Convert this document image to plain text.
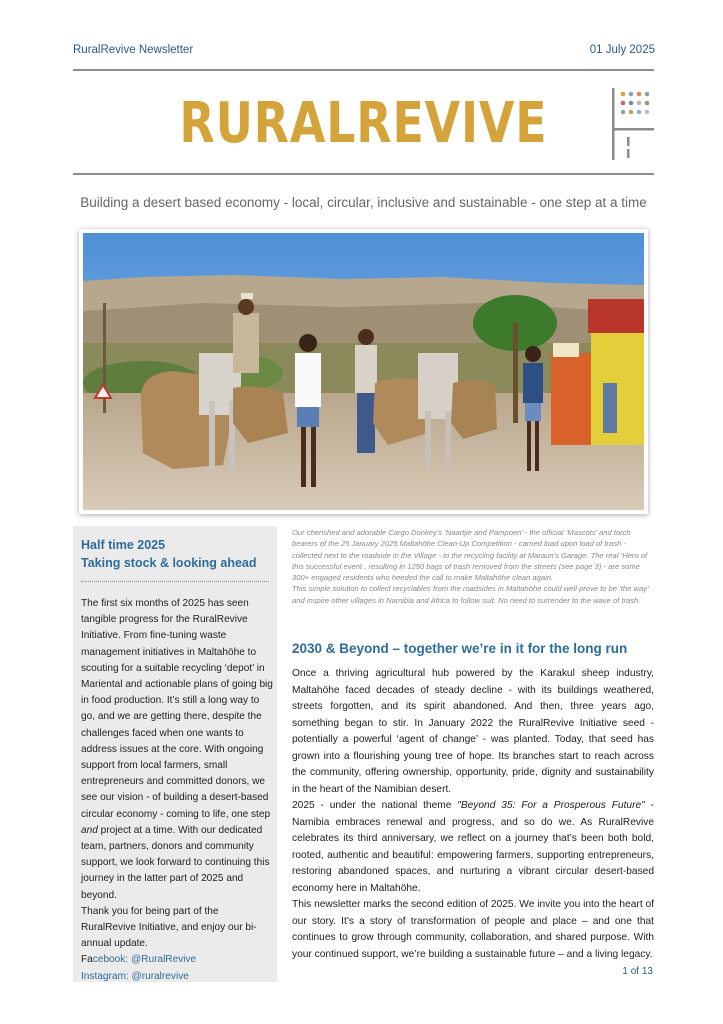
RuralRevive Newsletter	01 July 2025
RURALREVIVE
Building a desert based economy - local, circular, inclusive and sustainable - one step at a time
Half time 2025
Taking stock & looking ahead

The first six months of 2025 has seen tangible progress for the RuralRevive Initiative. From fine-tuning waste management initiatives in Maltahöhe to scouting for a suitable recycling ‘depot’ in Mariental and actionable plans of going big in food production. It’s still a long way to go, and we are getting there, despite the challenges faced when one wants to address issues at the core. With ongoing support from local farmers, small entrepreneurs and committed donors, we see our vision - of building a desert-based circular economy - coming to life, one step and project at a time. With our dedicated team, partners, donors and community support, we look forward to continuing this journey in the latter part of 2025 and beyond.

Thank you for being part of the RuralRevive Initiative, and enjoy our bi-annual update.

Facebook: @RuralRevive

Instagram: @ruralrevive

Our cherished and adorable Cargo Donkey's ‘Naartjie and Pampoen’ - the official ‘Mascots’ and torch bearers of the 25 January 2025 Maltahöhe Clean-Up Competition - carried load upon load of trash - collected next to the roadside in the Village - to the recycling facility at Maraun’s Garage. The real ‘Hero of this successful event , resulting in 1250 bags of trash removed from the streets (see page 3) - are some 300+ engaged residents who heeded the call to make Maltahöhe clean again.

This simple solution to collect recyclables from the roadsides in Maltahöhe could well prove to be ‘the way’ and inspire other villages in Namibia and Africa to follow suit. No need to surrender to the wave of trash.

2030 & Beyond – together we’re in it for the long run

Once a thriving agricultural hub powered by the Karakul sheep industry, Maltahöhe faced decades of steady decline - with its buildings weathered, streets forgotten, and its spirit abandoned. And then, three years ago, something began to stir. In January 2022 the RuralRevive Initiative seed - potentially a powerful ‘agent of change’ - was planted. Today, that seed has grown into a flourishing young tree of hope. Its branches start to reach across the community, offering ownership, opportunity, pride, dignity and sustainability in the heart of the Namibian desert.

2025 - under the national theme "Beyond 35: For a Prosperous Future" - Namibia embraces renewal and progress, and so do we. As RuralRevive celebrates its third anniversary, we reflect on a journey that’s been both bold, rooted, authentic and beautiful: empowering farmers, supporting entrepreneurs, restoring abandoned spaces, and nurturing a vibrant circular desert-based economy here in Maltahöhe.

This newsletter marks the second edition of 2025. We invite you into the heart of our story. It’s a story of transformation of people and place – and one that continues to grow through community, collaboration, and shared purpose. With your continued support, we’re building a sustainable future – and a living legacy.

1 of 13
